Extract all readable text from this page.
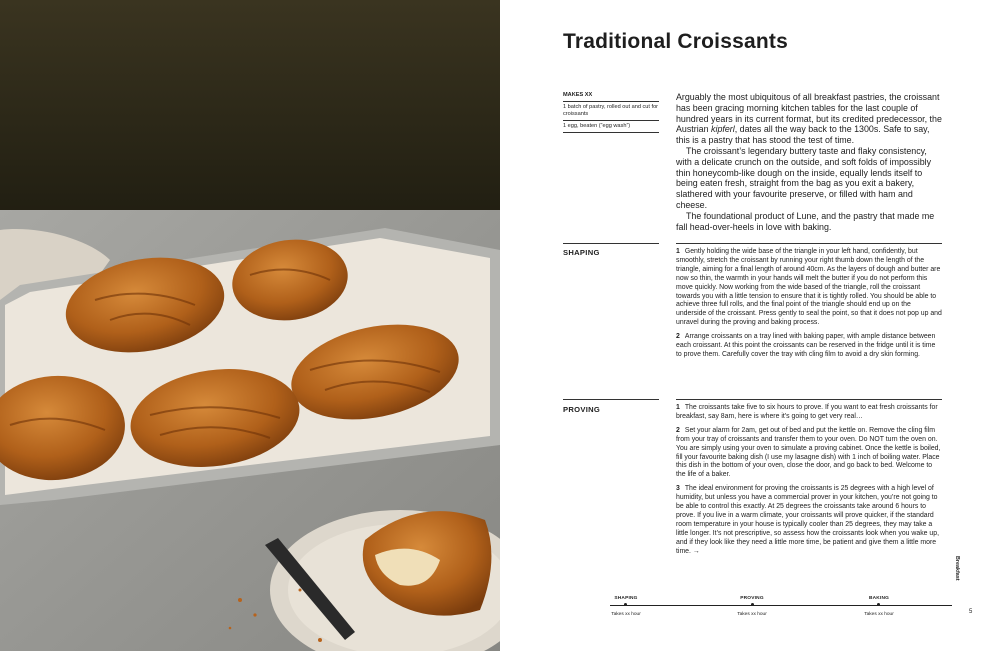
Traditional Croissants
MAKES XX
1 batch of pastry, rolled out and cut for croissants
1 egg, beaten (“egg wash”)

Arguably the most ubiquitous of all breakfast pastries, the croissant has been gracing morning kitchen tables for the last couple of hundred years in its current format, but its credited predecessor, the Austrian kipferl, dates all the way back to the 1300s. Safe to say, this is a pastry that has stood the test of time.

The croissant’s legendary buttery taste and flaky consistency, with a delicate crunch on the outside, and soft folds of impossibly thin honeycomb-like dough on the inside, equally lends itself to being eaten fresh, straight from the bag as you exit a bakery, slathered with your favourite preserve, or filled with ham and cheese.

The foundational product of Lune, and the pastry that made me fall head-over-heels in love with baking.

SHAPING	1 Gently holding the wide base of the triangle in your left hand, confidently, but smoothly, stretch the croissant by running your right thumb down the length of the triangle, aiming for a final length of around 40cm. As the layers of dough and butter are now so thin, the warmth in your hands will melt the butter if you do not perform this move quickly. Now working from the wide based of the triangle, roll the croissant towards you with a little tension to ensure that it is tightly rolled. You should be able to achieve three full rolls, and the final point of the triangle should end up on the underside of the croissant. Press gently to seal the point, so that it does not pop up and unravel during the proving and baking process.

2 Arrange croissants on a tray lined with baking paper, with ample distance between each croissant. At this point the croissants can be reserved in the fridge until it is time to prove them. Carefully cover the tray with cling film to avoid a dry skin forming.

PROVING	1 The croissants take five to six hours to prove. If you want to eat fresh croissants for breakfast, say 8am, here is where it’s going to get very real…

2 Set your alarm for 2am, get out of bed and put the kettle on. Remove the cling film from your tray of croissants and transfer them to your oven. Do NOT turn the oven on. You are simply using your oven to simulate a proving cabinet. Once the kettle is boiled, fill your favourite baking dish (I use my lasagne dish) with 1 inch of boiling water. Place this dish in the bottom of your oven, close the door, and go back to bed. Welcome to the life of a baker.

3 The ideal environment for proving the croissants is 25 degrees with a high level of humidity, but unless you have a commercial prover in your kitchen, you’re not going to be able to control this exactly. At 25 degrees the croissants take around 6 hours to prove. If you live in a warm climate, your croissants will prove quicker, if the standard room temperature in your house is typically cooler than 25 degrees, they may take a little longer. It’s not prescriptive, so assess how the croissants look when you wake up, and if they look like they need a little more time, be patient and give them a little more time. →

SHAPING
Takes xx hour
PROVING
Takes xx hour
BAKING
Takes xx hour
Breakfast
5
